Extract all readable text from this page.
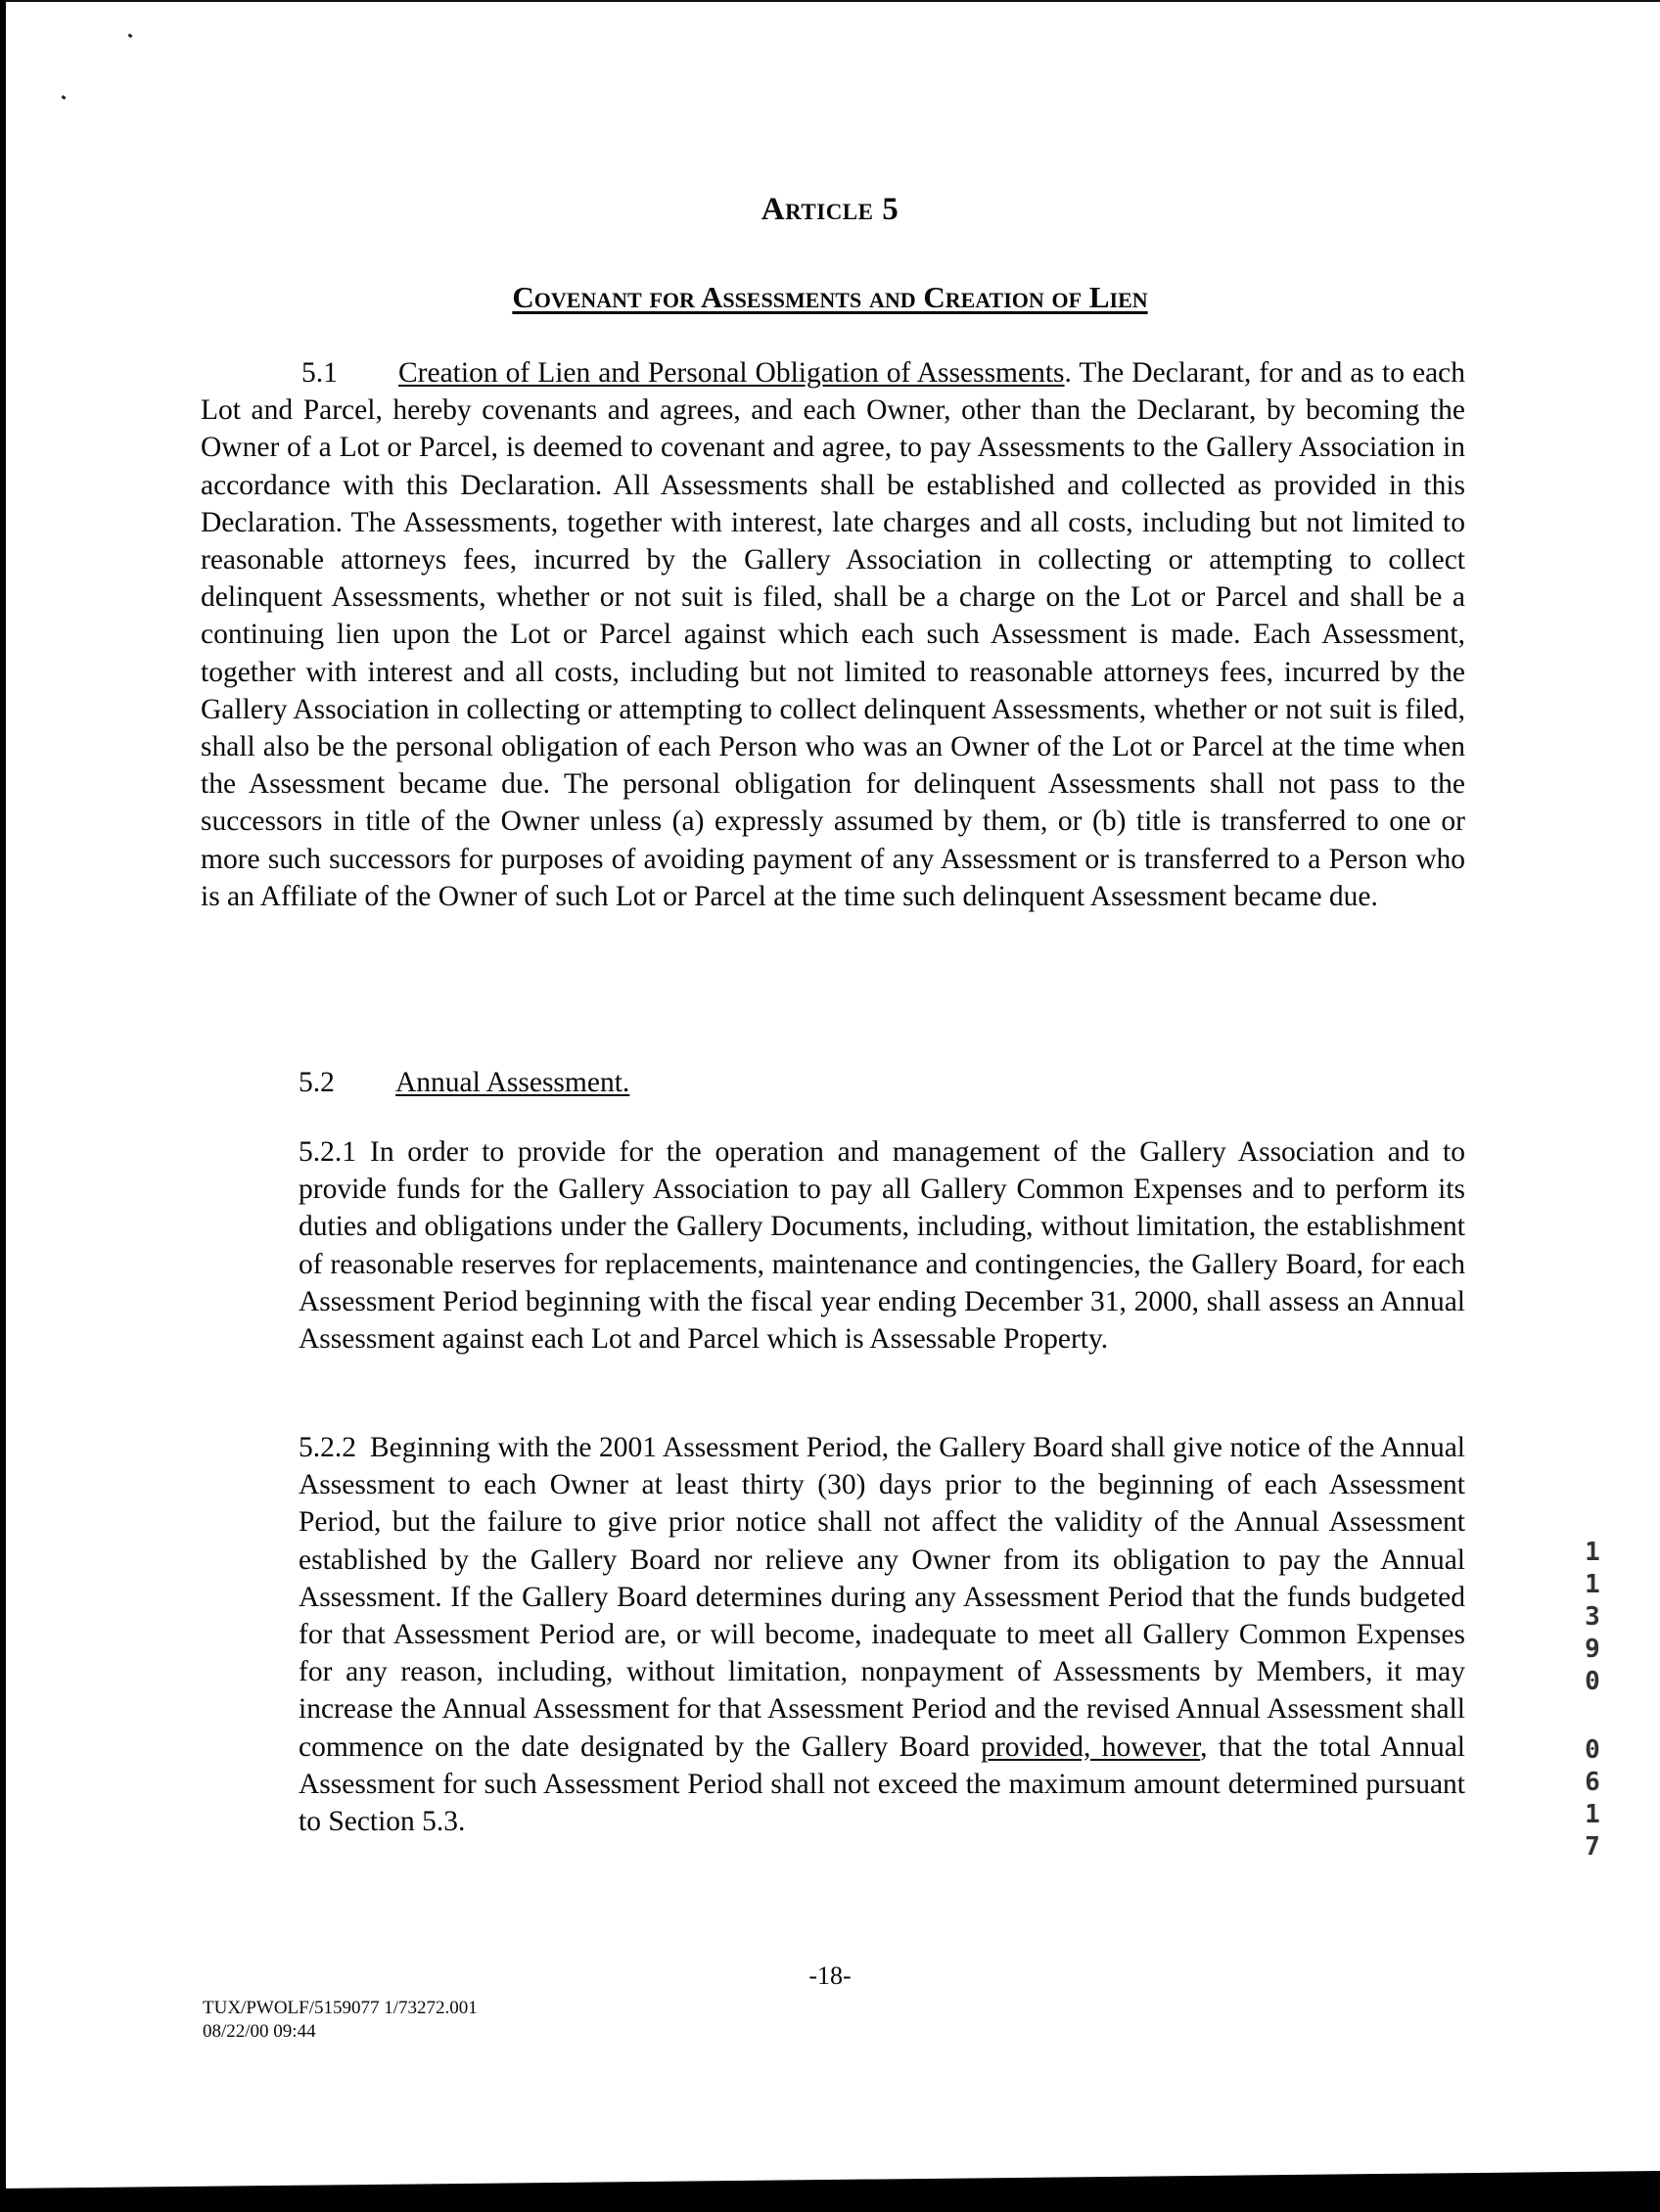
Article 5
Covenant for Assessments and Creation of Lien
5.1 Creation of Lien and Personal Obligation of Assessments. The Declarant, for and as to each Lot and Parcel, hereby covenants and agrees, and each Owner, other than the Declarant, by becoming the Owner of a Lot or Parcel, is deemed to covenant and agree, to pay Assessments to the Gallery Association in accordance with this Declaration. All Assessments shall be established and collected as provided in this Declaration. The Assessments, together with interest, late charges and all costs, including but not limited to reasonable attorneys fees, incurred by the Gallery Association in collecting or attempting to collect delinquent Assessments, whether or not suit is filed, shall be a charge on the Lot or Parcel and shall be a continuing lien upon the Lot or Parcel against which each such Assessment is made. Each Assessment, together with interest and all costs, including but not limited to reasonable attorneys fees, incurred by the Gallery Association in collecting or attempting to collect delinquent Assessments, whether or not suit is filed, shall also be the personal obligation of each Person who was an Owner of the Lot or Parcel at the time when the Assessment became due. The personal obligation for delinquent Assessments shall not pass to the successors in title of the Owner unless (a) expressly assumed by them, or (b) title is transferred to one or more such successors for purposes of avoiding payment of any Assessment or is transferred to a Person who is an Affiliate of the Owner of such Lot or Parcel at the time such delinquent Assessment became due.
5.2 Annual Assessment.
5.2.1 In order to provide for the operation and management of the Gallery Association and to provide funds for the Gallery Association to pay all Gallery Common Expenses and to perform its duties and obligations under the Gallery Documents, including, without limitation, the establishment of reasonable reserves for replacements, maintenance and contingencies, the Gallery Board, for each Assessment Period beginning with the fiscal year ending December 31, 2000, shall assess an Annual Assessment against each Lot and Parcel which is Assessable Property.
5.2.2 Beginning with the 2001 Assessment Period, the Gallery Board shall give notice of the Annual Assessment to each Owner at least thirty (30) days prior to the beginning of each Assessment Period, but the failure to give prior notice shall not affect the validity of the Annual Assessment established by the Gallery Board nor relieve any Owner from its obligation to pay the Annual Assessment. If the Gallery Board determines during any Assessment Period that the funds budgeted for that Assessment Period are, or will become, inadequate to meet all Gallery Common Expenses for any reason, including, without limitation, nonpayment of Assessments by Members, it may increase the Annual Assessment for that Assessment Period and the revised Annual Assessment shall commence on the date designated by the Gallery Board provided, however, that the total Annual Assessment for such Assessment Period shall not exceed the maximum amount determined pursuant to Section 5.3.
-18-
TUX/PWOLF/5159077 1/73272.001
08/22/00 09:44
1
1
3
9
0
0
6
1
7
